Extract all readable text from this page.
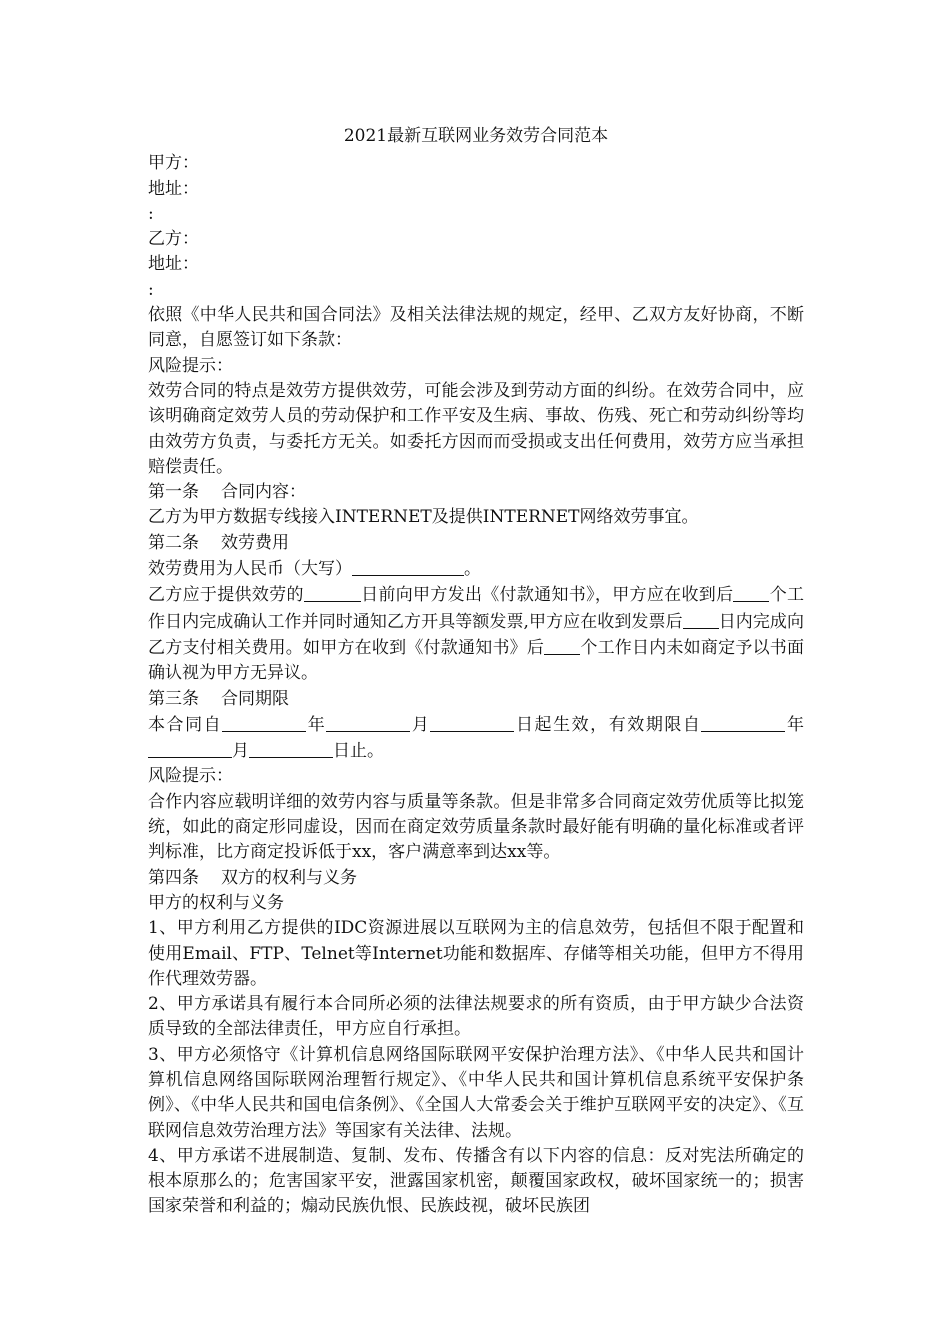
2021最新互联网业务效劳合同范本
甲方：
地址：
:
乙方：
地址：
:
依照《中华人民共和国合同法》及相关法律法规的规定，经甲、乙双方友好协商，不断同意，自愿签订如下条款：
风险提示：
效劳合同的特点是效劳方提供效劳，可能会涉及到劳动方面的纠纷。在效劳合同中，应该明确商定效劳人员的劳动保护和工作平安及生病、事故、伤残、死亡和劳动纠纷等均由效劳方负责，与委托方无关。如委托方因而而受损或支出任何费用，效劳方应当承担赔偿责任。
第一条 合同内容：
乙方为甲方数据专线接入INTERNET及提供INTERNET网络效劳事宜。
第二条 效劳费用
效劳费用为人民币（大写）	。
乙方应于提供效劳的	日前向甲方发出《付款通知书》，甲方应在收到后 个工作日内完成确认工作并同时通知乙方开具等额发票,甲方应在收到发票后 日内完成向乙方支付相关费用。如甲方在收到《付款通知书》后 个工作日内未如商定予以书面确认视为甲方无异议。
第三条 合同期限
本合同自	年	月	日起生效，有效期限自	年月	日止。
风险提示：
合作内容应载明详细的效劳内容与质量等条款。但是非常多合同商定效劳优质等比拟笼统，如此的商定形同虚设，因而在商定效劳质量条款时最好能有明确的量化标准或者评判标准，比方商定投诉低于xx，客户满意率到达xx等。
第四条 双方的权利与义务
甲方的权利与义务
1、甲方利用乙方提供的IDC资源进展以互联网为主的信息效劳，包括但不限于配置和使用Email、FTP、Telnet等Internet功能和数据库、存储等相关功能，但甲方不得用作代理效劳器。
2、甲方承诺具有履行本合同所必须的法律法规要求的所有资质，由于甲方缺少合法资质导致的全部法律责任，甲方应自行承担。
3、甲方必须恪守《计算机信息网络国际联网平安保护治理方法》、《中华人民共和国计算机信息网络国际联网治理暂行规定》、《中华人民共和国计算机信息系统平安保护条例》、《中华人民共和国电信条例》、《全国人大常委会关于维护互联网平安的决定》、《互联网信息效劳治理方法》等国家有关法律、法规。
4、甲方承诺不进展制造、复制、发布、传播含有以下内容的信息：反对宪法所确定的根本原那么的；危害国家平安，泄露国家机密，颠覆国家政权，破坏国家统一的；损害国家荣誉和利益的；煽动民族仇恨、民族歧视，破坏民族团
